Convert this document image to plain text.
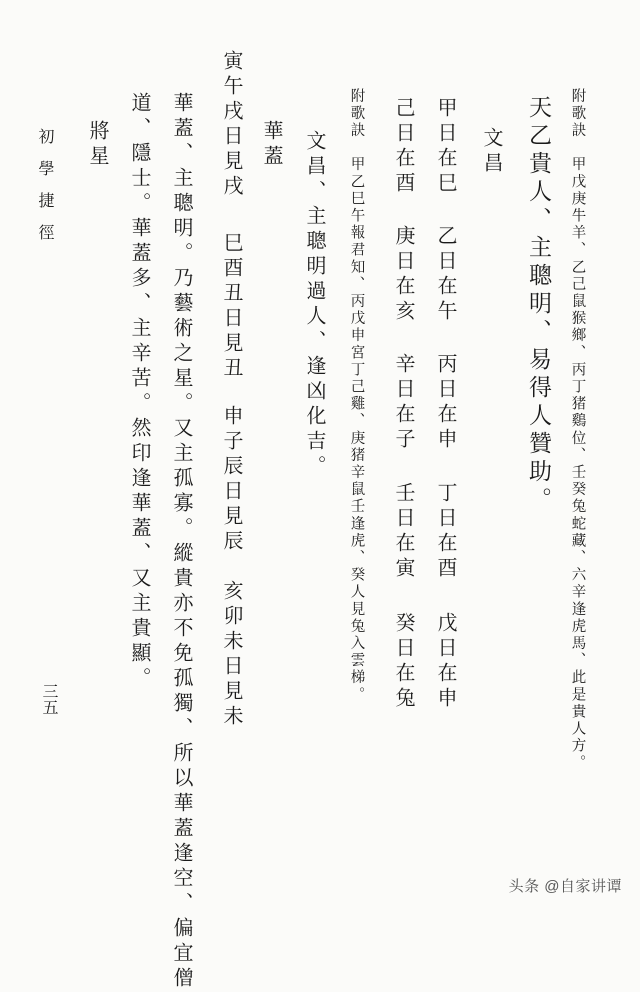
初學捷徑
三五	附歌訣　甲戊庚牛羊、乙己鼠猴鄉、丙丁猪鷄位、壬癸兔蛇藏、六辛逢虎馬、此是貴人方。
天乙貴人、主聰明、易得人贊助。
文昌
甲日在巳
乙日在午
丙日在申
丁日在酉
戊日在申
己日在酉
庚日在亥
辛日在子
壬日在寅
癸日在兔
附歌訣　甲乙巳午報君知、丙戊申宮丁己雞、庚猪辛鼠壬逢虎、癸人見兔入雲梯。
文昌、主聰明過人、逢凶化吉。
華蓋
寅午戌日見戌
巳酉丑日見丑
申子辰日見辰
亥卯未日見未
華蓋、主聰明。乃藝術之星。又主孤寡。縱貴亦不免孤獨、所以華蓋逢空、偏宜僧
道、隱士。華蓋多、主辛苦。然印逢華蓋、又主貴顯。
將星
头条 @自家讲谭
